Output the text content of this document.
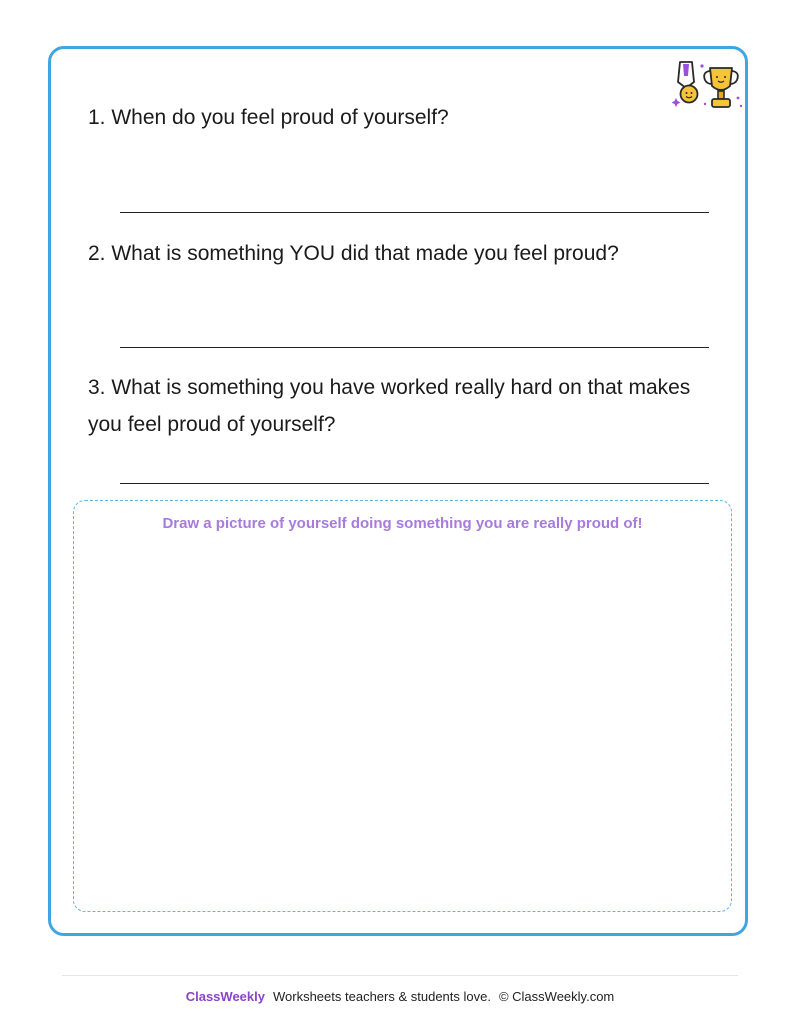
1. When do you feel proud of yourself?

2. What is something YOU did that made you feel proud?

3. What is something you have worked really hard on that makes you feel proud of yourself?

Draw a picture of yourself doing something you are really proud of!
ClassWeekly Worksheets teachers & students love. © ClassWeekly.com
